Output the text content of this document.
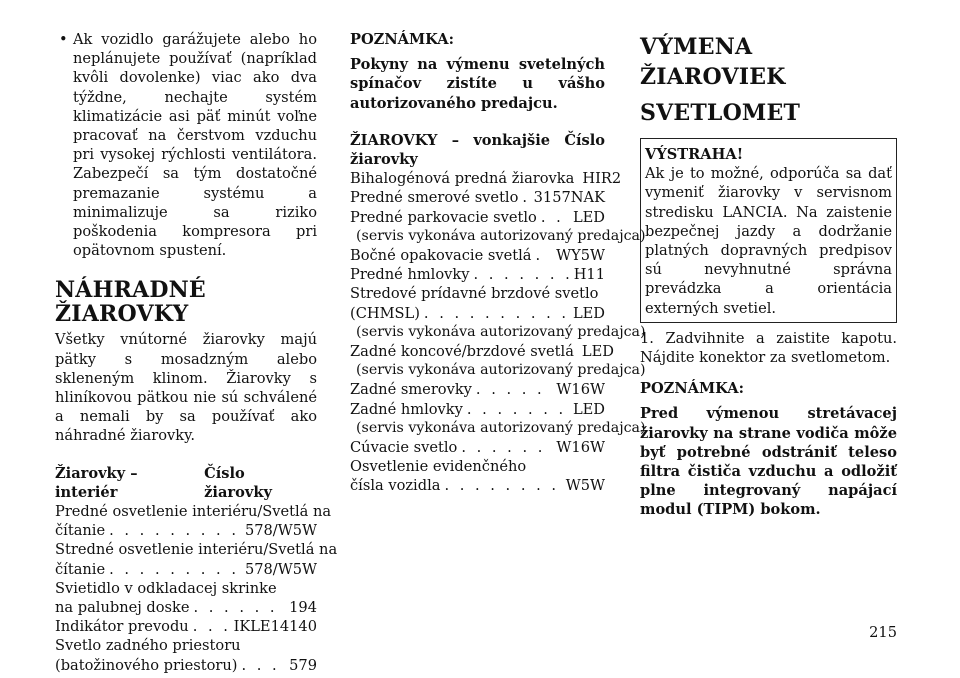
• Ak vozidlo garážujete alebo ho neplánujete používať (napríklad kvôli dovolenke) viac ako dva týždne, nechajte systém klimatizácie asi päť minút voľne pracovať na čerstvom vzduchu pri vysokej rýchlosti ventilátora. Zabezpečí sa tým dostatočné premazanie systému a minimalizuje sa riziko poškodenia kompresora pri opätovnom spustení.
NÁHRADNÉ ŽIAROVKY

Všetky vnútorné žiarovky majú pätky s mosadzným alebo skleneným klinom. Žiarovky s hliníkovou pätkou nie sú schválené a nemali by sa používať ako náhradné žiarovky.

Žiarovky – interiér
Číslo žiarovky
Predné osvetlenie interiéru/Svetlá na
čítanie . . .	578/W5W
Stredné osvetlenie interiéru/Svetlá na
čítanie . . .	578/W5W
Svietidlo v odkladacej skrinke
na palubnej doske . . .	194
Indikátor prevodu . . .	IKLE14140
Svetlo zadného priestoru
(batožinového priestoru) . . .	579
POZNÁMKA:

Pokyny na výmenu svetelných spínačov zistíte u vášho autorizovaného predajcu.

ŽIAROVKY – vonkajšie Číslo žiarovky
Bihalogénová predná žiarovka HIR2
Predné smerové svetlo . . . 3157NAK
Predné parkovacie svetlo . . . LED
(servis vykonáva autorizovaný predajca)
Bočné opakovacie svetlá . . . WY5W
Predné hmlovky . . .	H11
Stredové prídavné brzdové svetlo
(CHMSL) . . .	LED
(servis vykonáva autorizovaný predajca)
Zadné koncové/brzdové svetlá LED
(servis vykonáva autorizovaný predajca)
Zadné smerovky . . .	W16W
Zadné hmlovky . . .	LED
(servis vykonáva autorizovaný predajca)
Cúvacie svetlo . . .	W16W
Osvetlenie evidenčného
čísla vozidla . . .	W5W
VÝMENA ŽIAROVIEK
SVETLOMET
VÝSTRAHA!

Ak je to možné, odporúča sa dať vymeniť žiarovky v servisnom stredisku LANCIA. Na zaistenie bezpečnej jazdy a dodržanie platných dopravných predpisov sú nevyhnutné správna prevádzka a orientácia externých svetiel.

1. Zadvihnite a zaistite kapotu. Nájdite konektor za svetlometom.

POZNÁMKA:

Pred výmenou stretávacej žiarovky na strane vodiča môže byť potrebné odstrániť teleso filtra čističa vzduchu a odložiť plne integrovaný napájací modul (TIPM) bokom.

215
